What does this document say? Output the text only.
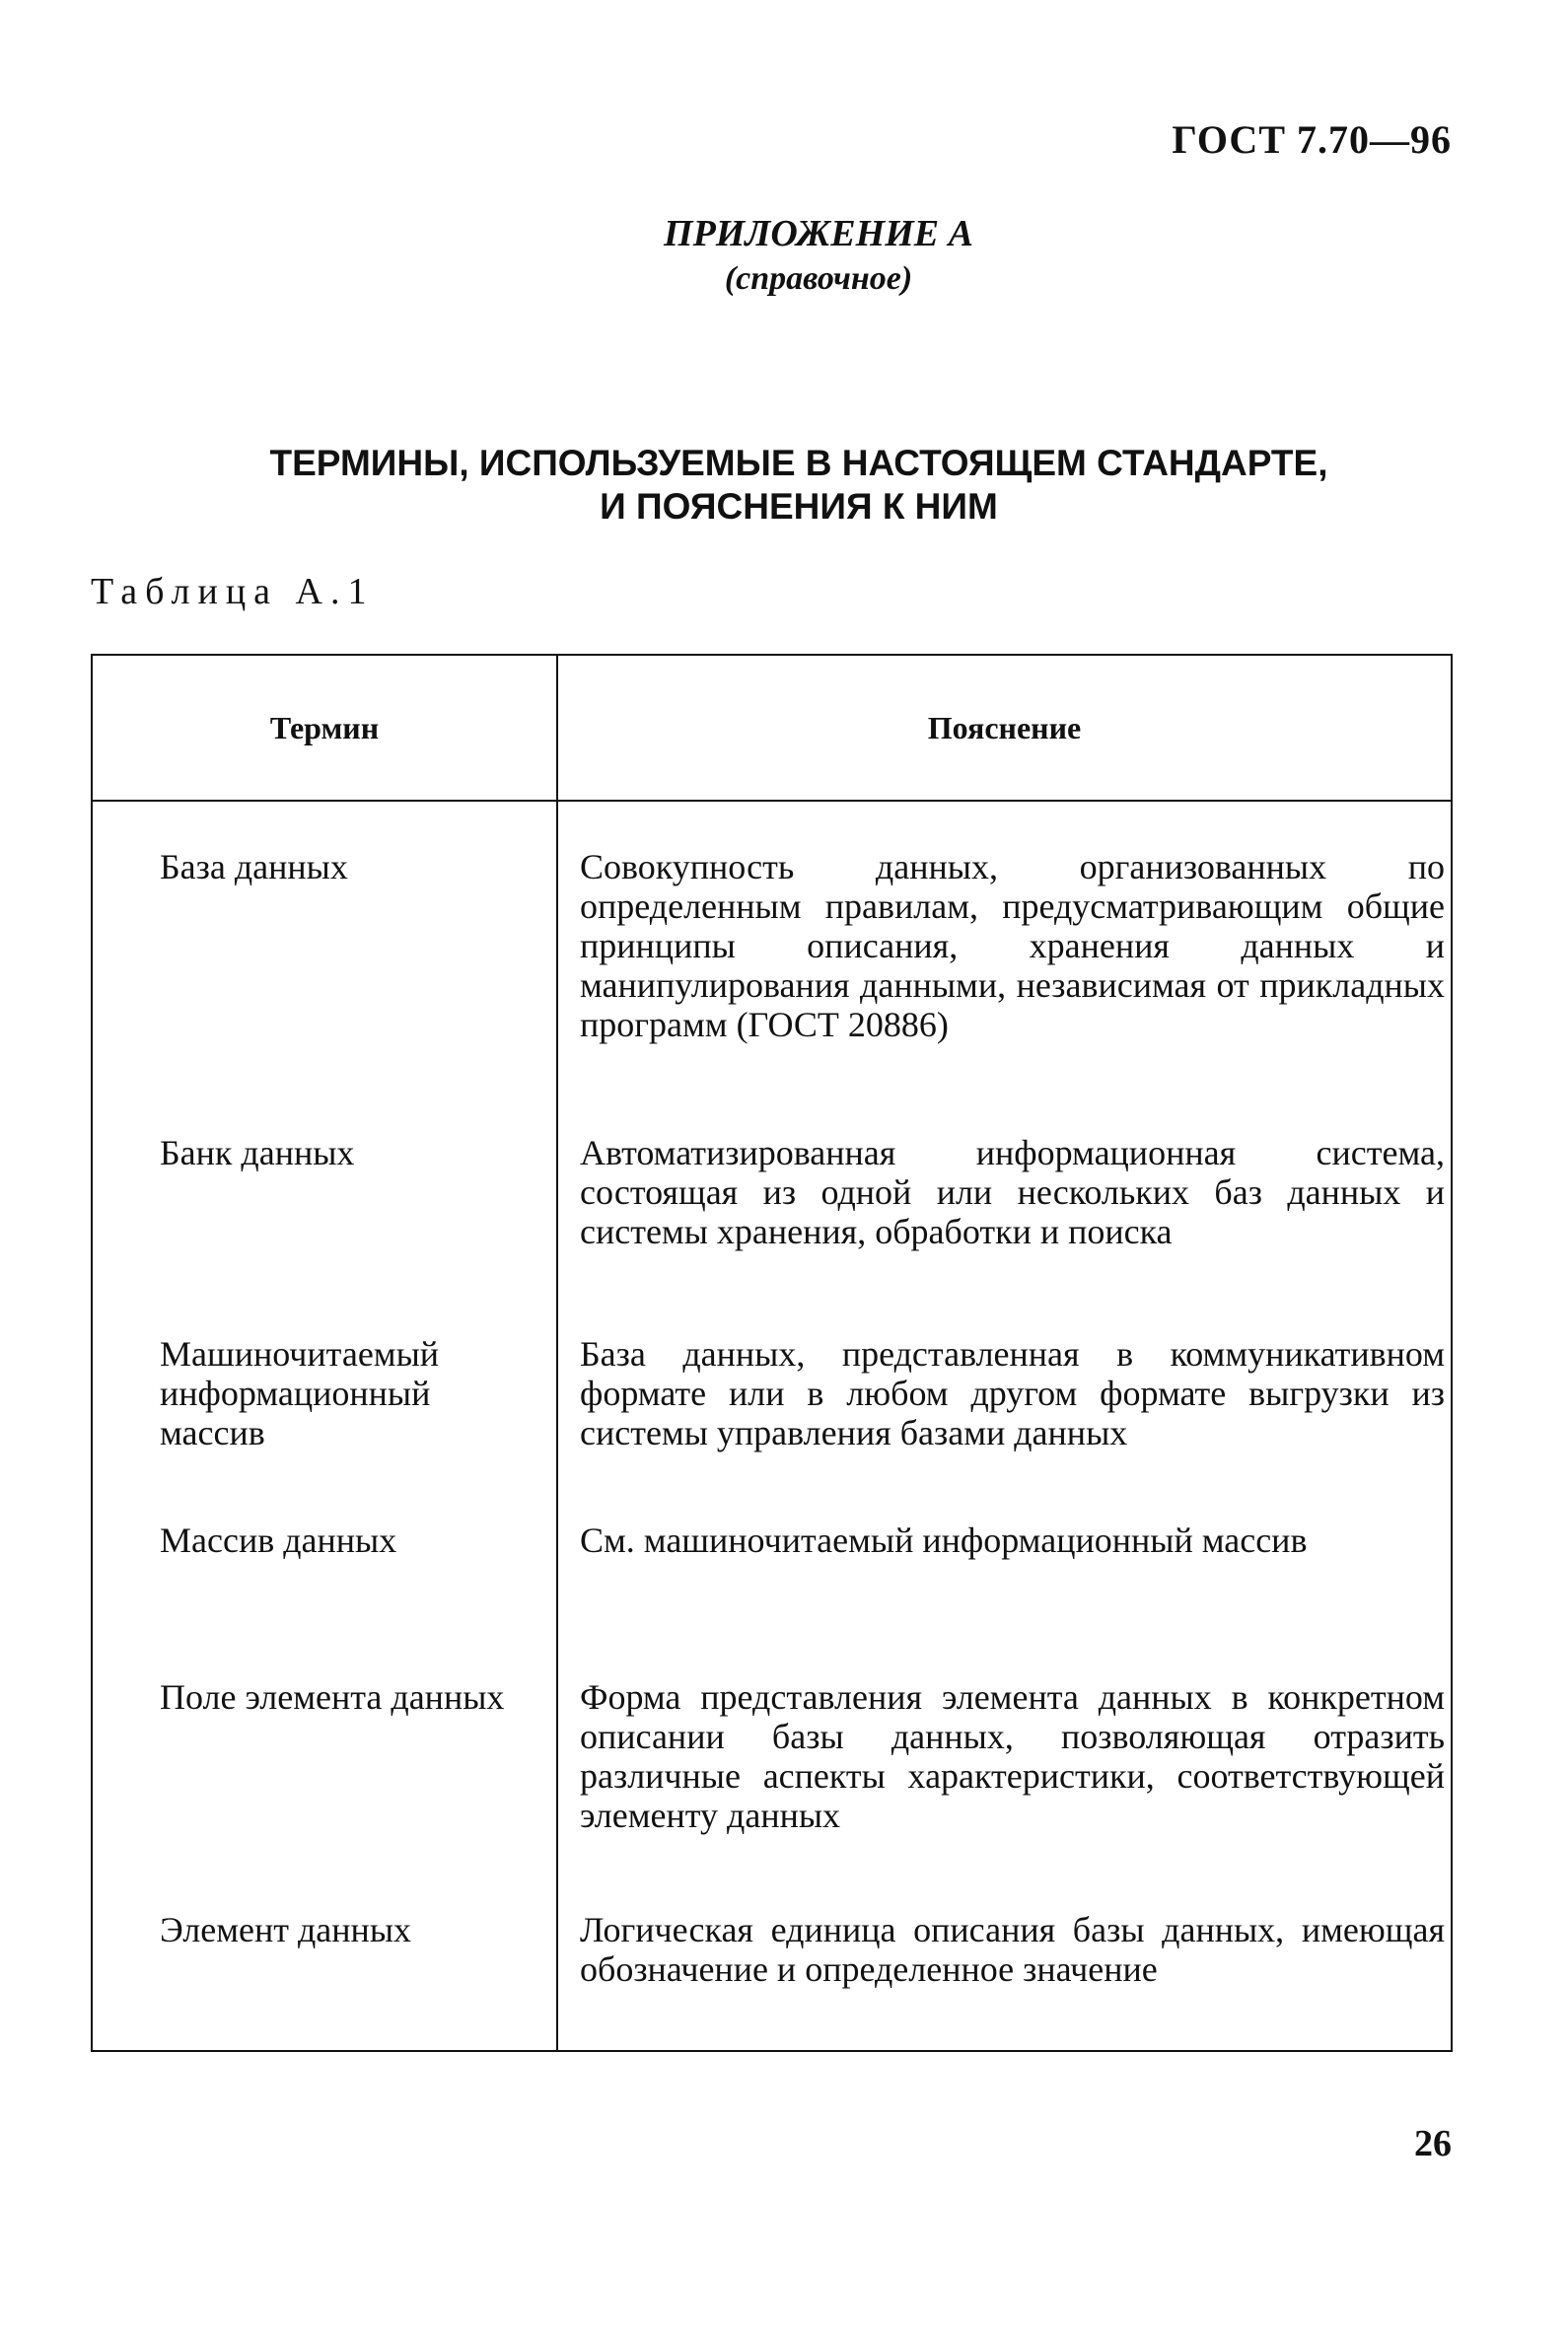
ГОСТ 7.70—96
ПРИЛОЖЕНИЕ А
(справочное)
ТЕРМИНЫ, ИСПОЛЬЗУЕМЫЕ В НАСТОЯЩЕМ СТАНДАРТЕ,
И ПОЯСНЕНИЯ К НИМ
Таблица А.1
Термин	Пояснение
База данных	Совокупность данных, организованных по определенным правилам, предусматривающим общие принципы описания, хранения данных и манипулирования данными, независимая от прикладных программ (ГОСТ 20886)
Банк данных	Автоматизированная информационная система, состоящая из одной или нескольких баз данных и системы хранения, обработки и поиска
Машиночитаемый информационный массив	База данных, представленная в коммуникативном формате или в любом другом формате выгрузки из системы управления базами данных
Массив данных	См. машиночитаемый информационный массив
Поле элемента данных	Форма представления элемента данных в конкретном описании базы данных, позволяющая отразить различные аспекты характеристики, соответствующей элементу данных
Элемент данных	Логическая единица описания базы данных, имеющая обозначение и определенное значение
26
